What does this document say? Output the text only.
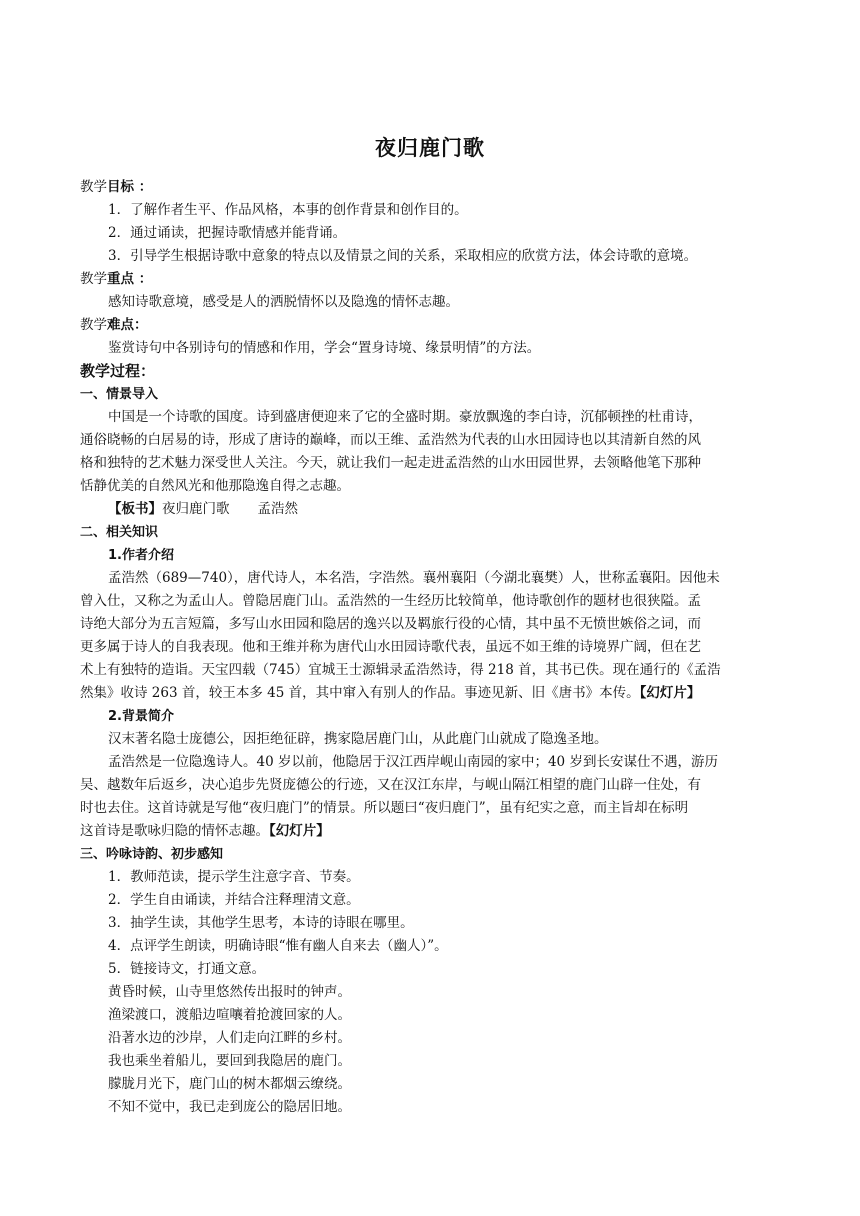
夜归鹿门歌
教学目标 ：
1．了解作者生平、作品风格，本事的创作背景和创作目的。
2．通过诵读，把握诗歌情感并能背诵。
3．引导学生根据诗歌中意象的特点以及情景之间的关系，采取相应的欣赏方法，体会诗歌的意境。
教学重点 ：
感知诗歌意境，感受是人的洒脱情怀以及隐逸的情怀志趣。
教学难点：
鉴赏诗句中各别诗句的情感和作用，学会“置身诗境、缘景明情”的方法。
教学过程：
一、情景导入
中国是一个诗歌的国度。诗到盛唐便迎来了它的全盛时期。豪放飘逸的李白诗，沉郁顿挫的杜甫诗，
通俗晓畅的白居易的诗，形成了唐诗的巅峰，而以王维、孟浩然为代表的山水田园诗也以其清新自然的风
格和独特的艺术魅力深受世人关注。今天，就让我们一起走进孟浩然的山水田园世界，去领略他笔下那种
恬静优美的自然风光和他那隐逸自得之志趣。
【板书】夜归鹿门歌 孟浩然
二、相关知识
1.作者介绍
孟浩然（689—740），唐代诗人，本名浩，字浩然。襄州襄阳（今湖北襄樊）人，世称孟襄阳。因他未
曾入仕，又称之为孟山人。曾隐居鹿门山。孟浩然的一生经历比较简单，他诗歌创作的题材也很狭隘。孟
诗绝大部分为五言短篇，多写山水田园和隐居的逸兴以及羁旅行役的心情，其中虽不无愤世嫉俗之词，而
更多属于诗人的自我表现。他和王维并称为唐代山水田园诗歌代表，虽远不如王维的诗境界广阔，但在艺
术上有独特的造诣。天宝四载（745）宜城王士源辑录孟浩然诗，得 218 首，其书已佚。现在通行的《孟浩
然集》收诗 263 首，较王本多 45 首，其中窜入有别人的作品。事迹见新、旧《唐书》本传。【幻灯片】
2.背景简介
汉末著名隐士庞德公，因拒绝征辟，携家隐居鹿门山，从此鹿门山就成了隐逸圣地。
孟浩然是一位隐逸诗人。40 岁以前，他隐居于汉江西岸岘山南园的家中；40 岁到长安谋仕不遇，游历
吴、越数年后返乡，决心追步先贤庞德公的行迹，又在汉江东岸，与岘山隔江相望的鹿门山辟一住处，有
时也去住。这首诗就是写他“夜归鹿门”的情景。所以题曰“夜归鹿门”，虽有纪实之意，而主旨却在标明
这首诗是歌咏归隐的情怀志趣。【幻灯片】
三、吟咏诗韵、初步感知
1．教师范读，提示学生注意字音、节奏。
2．学生自由诵读，并结合注释理清文意。
3．抽学生读，其他学生思考，本诗的诗眼在哪里。
4．点评学生朗读，明确诗眼“惟有幽人自来去（幽人）”。
5．链接诗文，打通文意。
黄昏时候，山寺里悠然传出报时的钟声。
渔梁渡口，渡船边喧嚷着抢渡回家的人。
沿著水边的沙岸，人们走向江畔的乡村。
我也乘坐着船儿，要回到我隐居的鹿门。
朦胧月光下，鹿门山的树木都烟云缭绕。
不知不觉中，我已走到庞公的隐居旧地。
